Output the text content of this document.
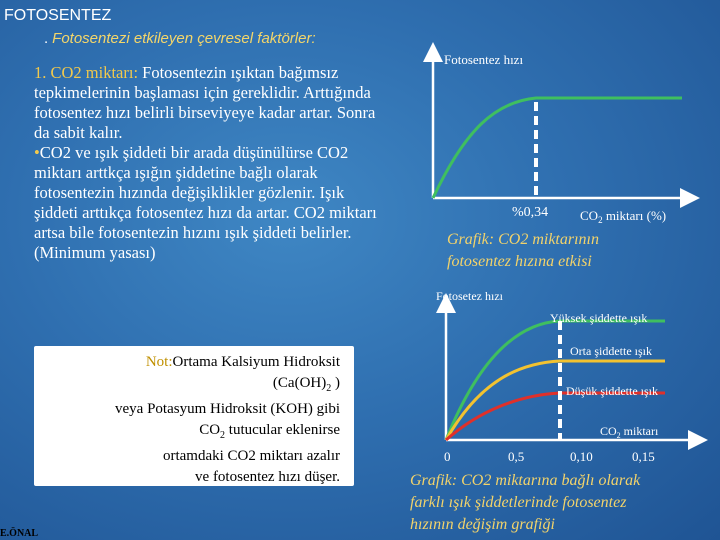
FOTOSENTEZ
. Fotosentezi etkileyen çevresel faktörler:
1. CO2 miktarı: Fotosentezin ışıktan bağımsız tepkimelerinin başlaması için gereklidir. Arttığında fotosentez hızı belirli birseviyeye kadar artar. Sonra da sabit kalır.
•CO2 ve ışık şiddeti bir arada düşünülürse CO2 miktarı arttkça ışığın şiddetine bağlı olarak fotosentezin hızında değişiklikler gözlenir. Işık şiddeti arttıkça fotosentez hızı da artar. CO2 miktarı artsa bile fotosentezin hızını ışık şiddeti belirler. (Minimum yasası)
Not:Ortama Kalsiyum Hidroksit
($Ca(OH)_2$ )
veya Potasyum Hidroksit (KOH) gibi
$CO_2$ tutucular eklenirse
ortamdaki CO2 miktarı azalır
ve fotosentez hızı düşer.
E.ÖNAL
Fotosentez hızı
%0,34 $CO_2$ miktarı (%)
Grafik: CO2 miktarının
fotosentez hızına etkisi
Fotosetez hızı
Yüksek şiddette ışık
Orta şiddette ışık
Düşük şiddette ışık
$CO_2$ miktarı
0	0,5	0,10	0,15
Grafik: CO2 miktarına bağlı olarak
farklı ışık şiddetlerinde fotosentez
hızının değişim grafiği
